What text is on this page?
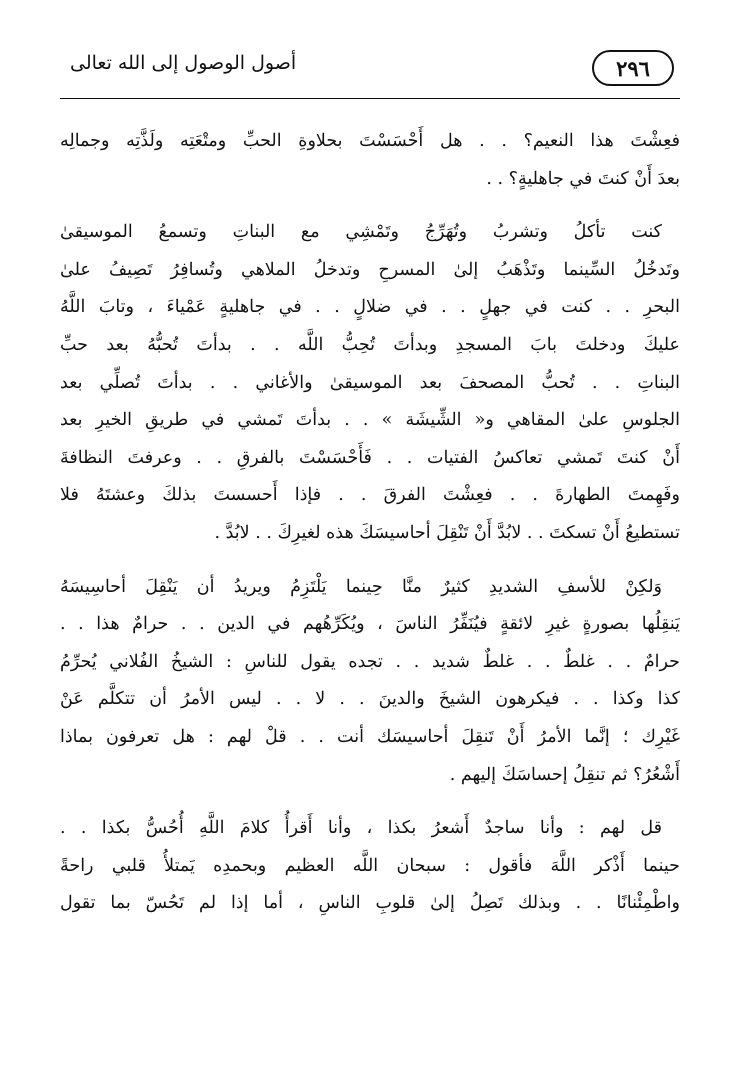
٢٩٦
أصول الوصول إلى الله تعالى

فعِشْتَ هذا النعيم؟ . . هل أَحْسَسْتَ بحلاوةِ الحبِّ ومتْعَتِه ولَذَّتِه وجمالِه
بعدَ أَنْ كنتَ في جاهليةٍ؟ . .

كنت تأكلُ وتشربُ وتُهَرِّجُ وتَمْشِي مع البناتِ وتسمعُ الموسيقىٰ
وتَدخُلُ السِّينما وتَذْهَبُ إلىٰ المسرحِ وتدخلُ الملاهي وتُسافِرُ تَصِيفُ علىٰ
البحرِ . . كنت في جهلٍ . . في ضلالٍ . . في جاهليةٍ عَمْياءَ ، وتابَ اللَّهُ
عليكَ ودخلتَ بابَ المسجدِ وبدأتَ تُحِبُّ اللَّه . . بدأتَ تُحبُّهُ بعد حبِّ
البناتِ . . تُحبُّ المصحفَ بعد الموسيقىٰ والأغاني . . بدأتَ تُصلِّي بعد
الجلوسِ علىٰ المقاهي و« الشِّيشَة » . . بدأتَ تَمشي في طريقِ الخيرِ بعد
أَنْ كنتَ تَمشي تعاكسُ الفتيات . . فَأَحْسَسْتَ بالفرقِ . . وعرفتَ النظافةَ
وفَهِمتَ الطهارةَ . . فعِشْتَ الفرقَ . . فإذا أَحسستَ بذلكَ وعشتَهُ فلا
تستطيعُ أَنْ تسكتَ . . لابُدَّ أَنْ تَنْقِلَ أحاسيسَكَ هذه لغيرِكَ . . لابُدَّ .

وَلكِنْ للأسفِ الشديدِ كثيرٌ منَّا حِينما يَلْتَزِمُ ويريدُ أن يَنْقِلَ أحاسِيسَهُ
يَنقِلُها بصورةٍ غيرِ لائقةٍ فيُنَفِّرُ الناسَ ، ويُكَرِّهُهم في الدين . . حرامٌ هذا . .
حرامٌ . . غلطٌ . . غلطٌ شديد . . تجده يقول للناسِ : الشيخُ الفُلاني يُحرِّمُ
كذا وكذا . . فيكرهون الشيخَ والدينَ . . لا . . ليس الأمرُ أن تتكلَّم عَنْ
غَيْرِك ؛ إنَّما الأمرُ أَنْ تَنقِلَ أحاسيسَك أنت . . قلْ لهم : هل تعرفون بماذا
أَشْعُرُ؟ ثم تنقِلُ إحساسَكَ إليهم .

قل لهم : وأنا ساجدٌ أَشعرُ بكذا ، وأنا أَقرأُ كلامَ اللَّهِ أُحُسُّ بكذا . .
حينما أَذْكر اللَّهَ فأقول : سبحان اللَّه العظيم وبحمدِه يَمتلأُ قلبي راحةً
واطْمِئْنانًا . . وبذلك تَصِلُ إلىٰ قلوبِ الناسِ ، أما إذا لم تَحُسّ بما تقول
